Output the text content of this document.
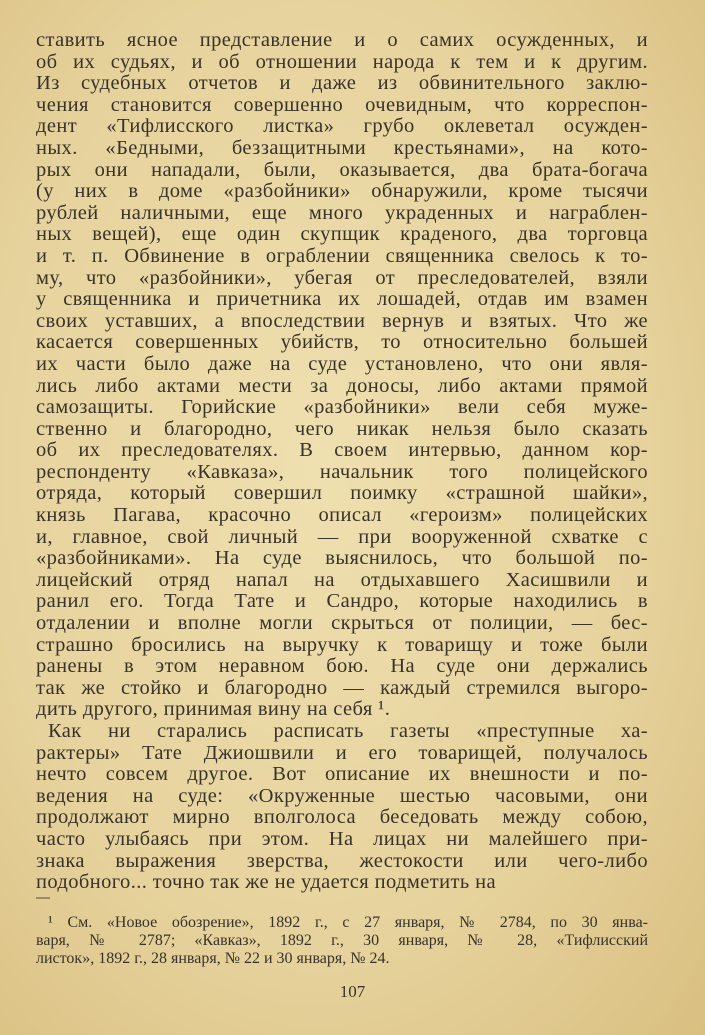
ставить ясное представление и о самих осужденных, и
об их судьях, и об отношении народа к тем и к другим.
Из судебных отчетов и даже из обвинительного заклю-
чения становится совершенно очевидным, что корреспон-
дент «Тифлисского листка» грубо оклеветал осужден-
ных. «Бедными, беззащитными крестьянами», на кото-
рых они нападали, были, оказывается, два брата-богача
(у них в доме «разбойники» обнаружили, кроме тысячи
рублей наличными, еще много украденных и награблен-
ных вещей), еще один скупщик краденого, два торговца
и т. п. Обвинение в ограблении священника свелось к то-
му, что «разбойники», убегая от преследователей, взяли
у священника и причетника их лошадей, отдав им взамен
своих уставших, а впоследствии вернув и взятых. Что же
касается совершенных убийств, то относительно большей
их части было даже на суде установлено, что они явля-
лись либо актами мести за доносы, либо актами прямой
самозащиты. Горийские «разбойники» вели себя муже-
ственно и благородно, чего никак нельзя было сказать
об их преследователях. В своем интервью, данном кор-
респонденту «Кавказа», начальник того полицейского
отряда, который совершил поимку «страшной шайки»,
князь Пагава, красочно описал «героизм» полицейских
и, главное, свой личный — при вооруженной схватке с
«разбойниками». На суде выяснилось, что большой по-
лицейский отряд напал на отдыхавшего Хасишвили и
ранил его. Тогда Тате и Сандро, которые находились в
отдалении и вполне могли скрыться от полиции, — бес-
страшно бросились на выручку к товарищу и тоже были
ранены в этом неравном бою. На суде они держались
так же стойко и благородно — каждый стремился выгоро-
дить другого, принимая вину на себя ¹.
Как ни старались расписать газеты «преступные ха-
рактеры» Тате Джиошвили и его товарищей, получалось
нечто совсем другое. Вот описание их внешности и по-
ведения на суде: «Окруженные шестью часовыми, они
продолжают мирно вполголоса беседовать между собою,
часто улыбаясь при этом. На лицах ни малейшего при-
знака выражения зверства, жестокости или чего-либо
подобного... точно так же не удается подметить на
¹ См. «Новое обозрение», 1892 г., с 27 января, № 2784, по 30 янва-
варя, № 2787; «Кавказ», 1892 г., 30 января, № 28, «Тифлисский
листок», 1892 г., 28 января, № 22 и 30 января, № 24.
107
